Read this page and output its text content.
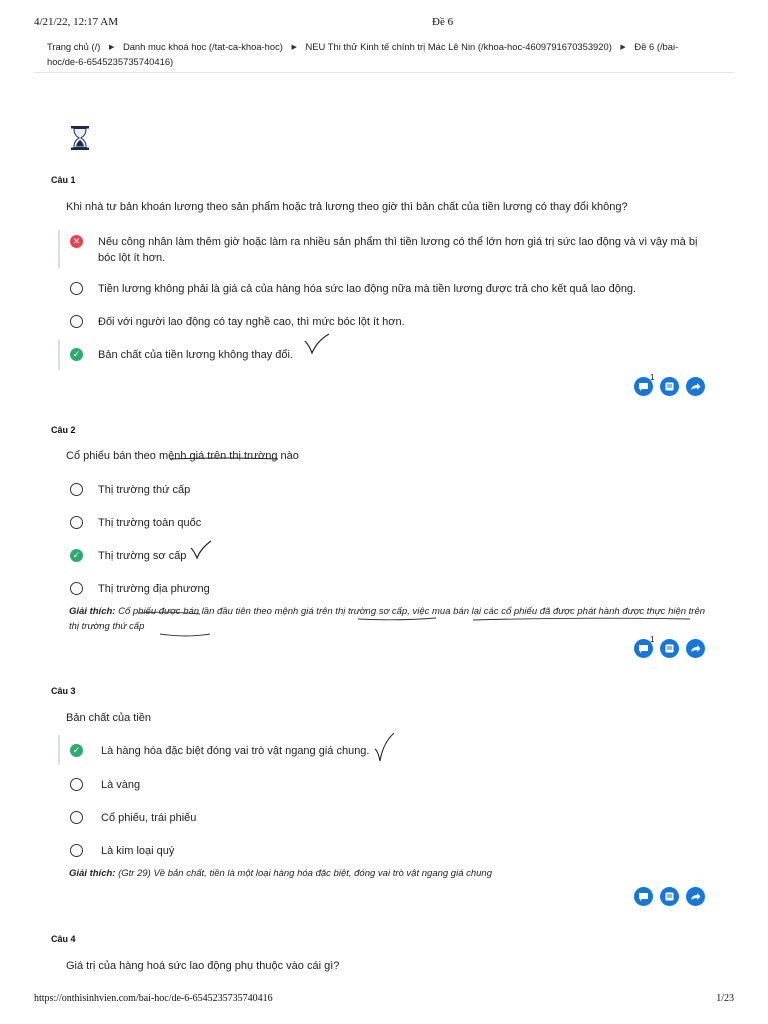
4/21/22, 12:17 AM	Đề 6
Trang chủ (/) ▶ Danh mục khoá học (/tat-ca-khoa-hoc) ▶ NEU Thi thử Kinh tế chính trị Mác Lê Nin (/khoa-hoc-4609791670353920) ▶ Đề 6 (/bai-hoc/de-6-6545235735740416)
Câu 1
Khi nhà tư bản khoán lương theo sản phẩm hoặc trả lương theo giờ thì bản chất của tiền lương có thay đổi không?
✕ Nếu công nhân làm thêm giờ hoặc làm ra nhiều sản phẩm thì tiền lương có thể lớn hơn giá trị sức lao động và vì vậy mà bị bóc lột ít hơn.
Tiền lương không phải là giá cả của hàng hóa sức lao động nữa mà tiền lương được trả cho kết quả lao động.
Đối với người lao động có tay nghề cao, thì mức bóc lột ít hơn.
✓ Bản chất của tiền lương không thay đổi.
1
Câu 2
Cổ phiếu bán theo mệnh giá trên thị trường nào
Thị trường thứ cấp
Thị trường toàn quốc
✓ Thị trường sơ cấp
Thị trường địa phương
Giải thích: Cổ phiếu được bán lần đầu tiên theo mệnh giá trên thị trường sơ cấp, việc mua bán lại các cổ phiếu đã được phát hành được thực hiện trên thị trường thứ cấp
1
Câu 3
Bản chất của tiền
✓ Là hàng hóa đặc biệt đóng vai trò vật ngang giá chung.
Là vàng
Cổ phiếu, trái phiếu
Là kim loại quý
Giải thích: (Gtr 29) Về bản chất, tiền là một loại hàng hóa đặc biệt, đóng vai trò vật ngang giá chung
Câu 4
Giá trị của hàng hoá sức lao động phụ thuộc vào cái gì?
https://onthisinhvien.com/bai-hoc/de-6-6545235735740416	1/23
